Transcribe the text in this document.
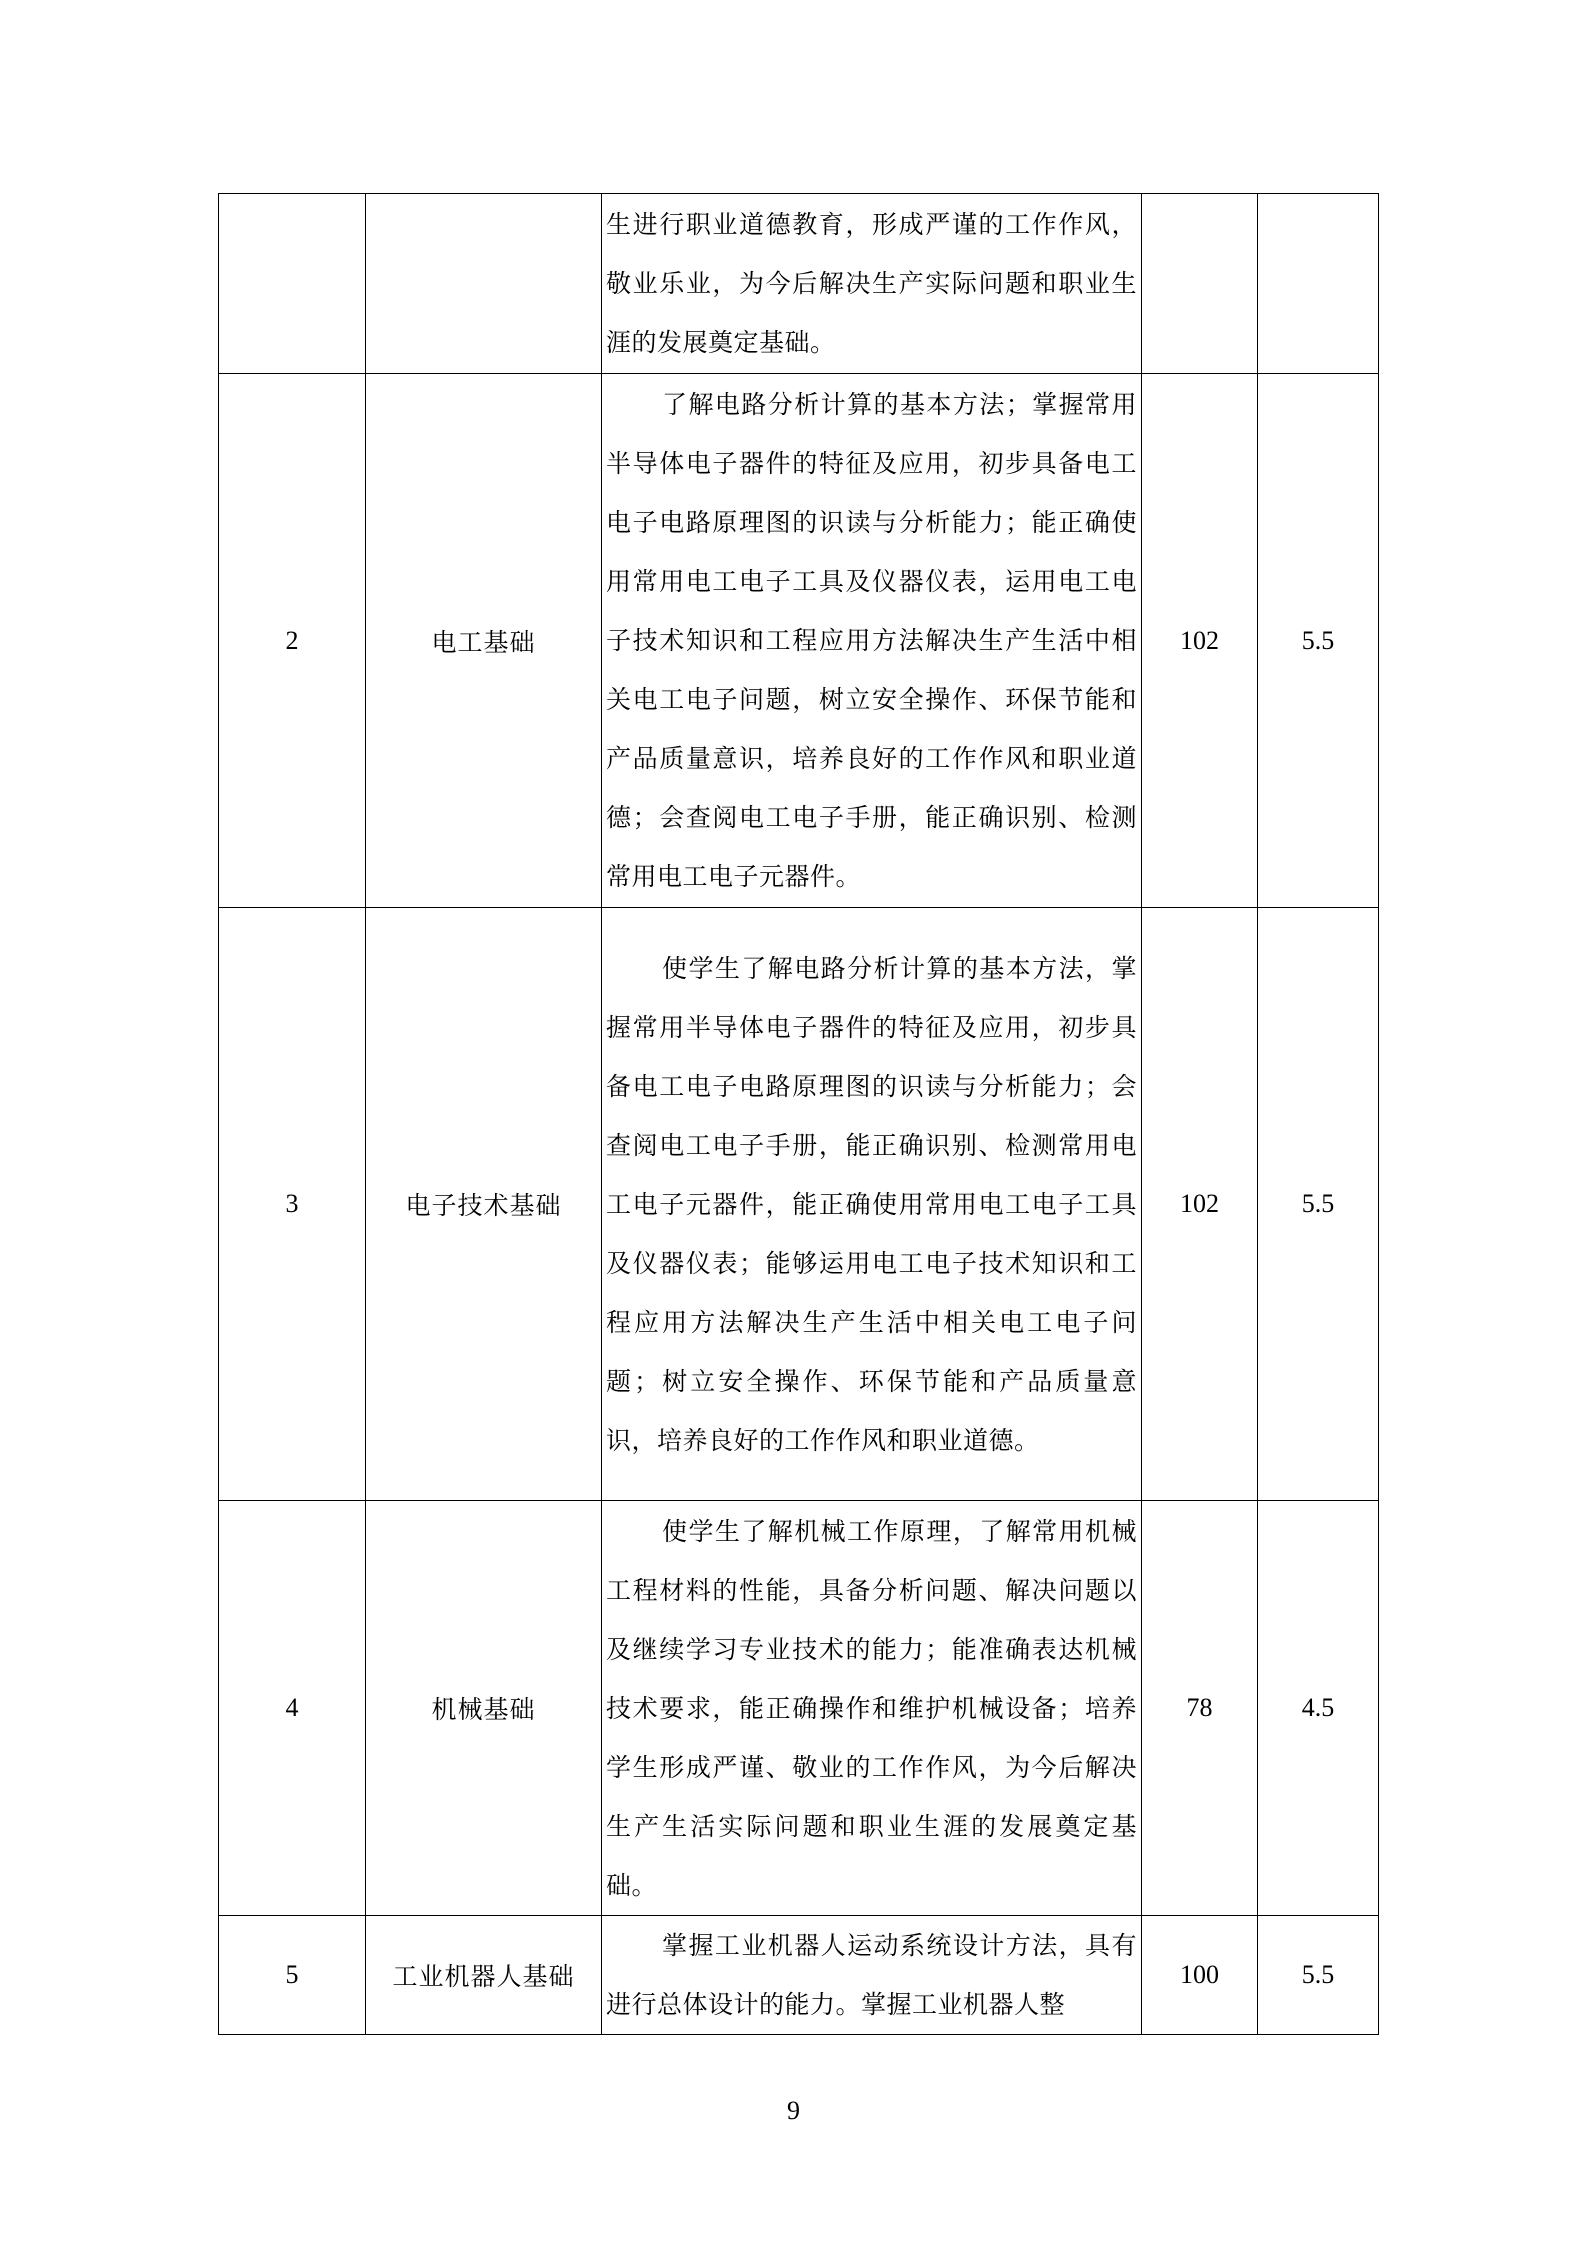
		生进行职业道德教育，形成严谨的工作作风，敬业乐业，为今后解决生产实际问题和职业生涯的发展奠定基础。		

2	电工基础	了解电路分析计算的基本方法；掌握常用半导体电子器件的特征及应用，初步具备电工电子电路原理图的识读与分析能力；能正确使用常用电工电子工具及仪器仪表，运用电工电子技术知识和工程应用方法解决生产生活中相关电工电子问题，树立安全操作、环保节能和产品质量意识，培养良好的工作作风和职业道德；会查阅电工电子手册，能正确识别、检测常用电工电子元器件。	102	5.5
3	电子技术基础	使学生了解电路分析计算的基本方法，掌握常用半导体电子器件的特征及应用，初步具备电工电子电路原理图的识读与分析能力；会查阅电工电子手册，能正确识别、检测常用电工电子元器件，能正确使用常用电工电子工具及仪器仪表；能够运用电工电子技术知识和工程应用方法解决生产生活中相关电工电子问题；树立安全操作、环保节能和产品质量意识，培养良好的工作作风和职业道德。	102	5.5
4	机械基础	使学生了解机械工作原理，了解常用机械工程材料的性能，具备分析问题、解决问题以及继续学习专业技术的能力；能准确表达机械技术要求，能正确操作和维护机械设备；培养学生形成严谨、敬业的工作作风，为今后解决生产生活实际问题和职业生涯的发展奠定基础。	78	4.5
5	工业机器人基础	掌握工业机器人运动系统设计方法，具有进行总体设计的能力。掌握工业机器人整	100	5.5
9
